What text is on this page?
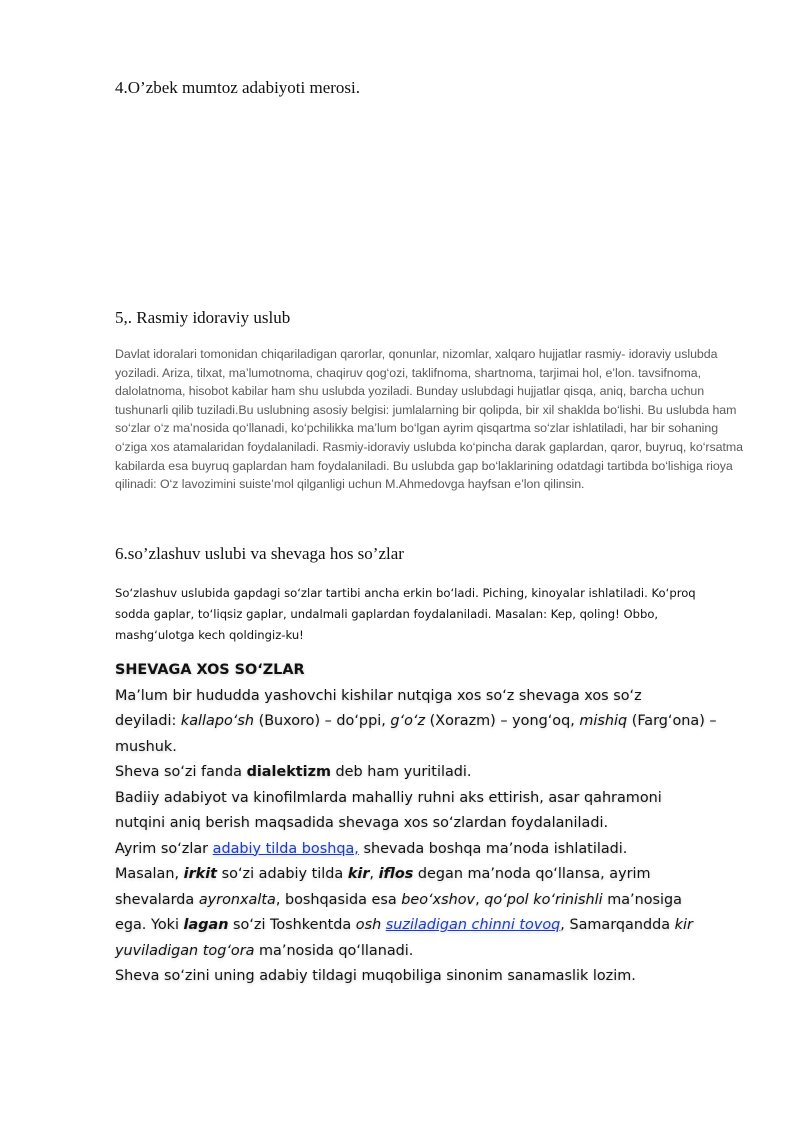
4.O’zbek mumtoz adabiyoti merosi.
5,. Rasmiy idoraviy uslub

Davlat idoralari tomonidan chiqariladigan qarorlar, qonunlar, nizomlar, xalqaro hujjatlar rasmiy- idoraviy uslubda yoziladi. Ariza, tilxat, ma’lumotnoma, chaqiruv qog‘ozi, taklifnoma, shartnoma, tarjimai hol, e’lon. tavsifnoma, dalolatnoma, hisobot kabilar ham shu uslubda yoziladi. Bunday uslubdagi hujjatlar qisqa, aniq, barcha uchun tushunarli qilib tuziladi.Bu uslubning asosiy belgisi: jumlalarning bir qolipda, bir xil shaklda bo‘lishi. Bu uslubda ham so‘zlar o‘z ma’nosida qo‘llanadi, ko‘pchilikka ma’lum bo‘lgan ayrim qisqartma so‘zlar ishlatiladi, har bir sohaning o‘ziga xos atamalaridan foydalaniladi. Rasmiy-idoraviy uslubda ko‘pincha darak gaplardan, qaror, buyruq, ko‘rsatma kabilarda esa buyruq gaplardan ham foydalaniladi. Bu uslubda gap bo‘laklarining odatdagi tartibda bo‘lishiga rioya qilinadi: O‘z lavozimini suiste’mol qilganligi uchun M.Ahmedovga hayfsan e’lon qilinsin.

6.so’zlashuv uslubi va shevaga hos so’zlar

So‘zlashuv uslubida gapdagi so‘zlar tartibi ancha erkin bo‘ladi. Piching, kinoyalar ishlatiladi. Ko‘proq sodda gaplar, to‘liqsiz gaplar, undalmali gaplardan foydalaniladi. Masalan: Kep, qoling! Obbo, mashg‘ulotga kech qoldingiz-ku!

SHEVAGA XOS SO‘ZLAR
Ma’lum bir hududda yashovchi kishilar nutqiga xos so‘z shevaga xos so‘z
deyiladi: kallapo‘sh (Buxoro) – do‘ppi, g‘o‘z (Xorazm) – yong‘oq, mishiq (Farg‘ona) –
mushuk.
Sheva so‘zi fanda dialektizm deb ham yuritiladi.
Badiiy adabiyot va kinofilmlarda mahalliy ruhni aks ettirish, asar qahramoni
nutqini aniq berish maqsadida shevaga xos so‘zlardan foydalaniladi.
Ayrim so‘zlar adabiy tilda boshqa, shevada boshqa ma’noda ishlatiladi.
Masalan, irkit so‘zi adabiy tilda kir, iflos degan ma’noda qo‘llansa, ayrim
shevalarda ayronxalta, boshqasida esa beo‘xshov, qo‘pol ko‘rinishli ma’nosiga
ega. Yoki lagan so‘zi Toshkentda osh suziladigan chinni tovoq, Samarqandda kir
yuviladigan tog‘ora ma’nosida qo‘llanadi.
Sheva so‘zini uning adabiy tildagi muqobiliga sinonim sanamaslik lozim.
